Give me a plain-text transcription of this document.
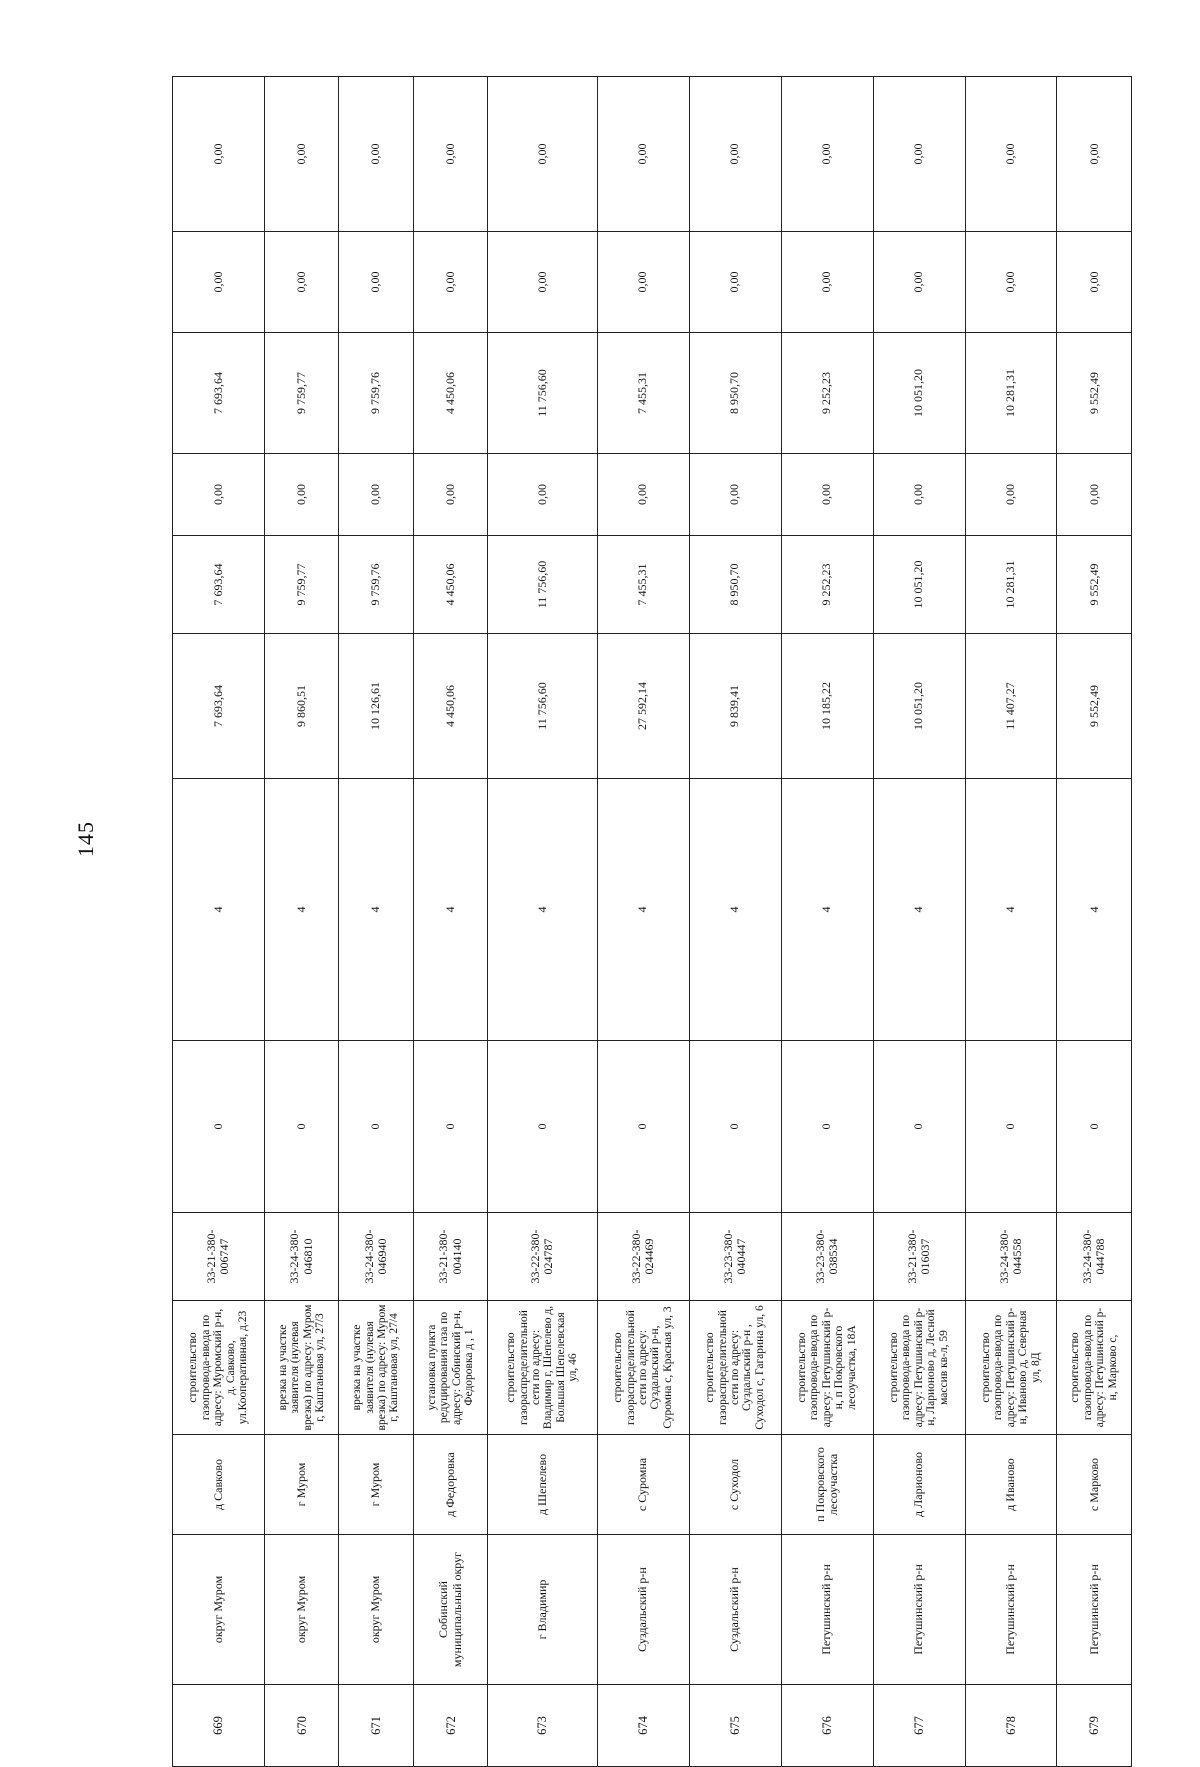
145
669	округ Муром	д Савково	строительство газопровода-ввода по адресу: Муромский р-н, д. Савково, ул.Кооперативная, д.23	33-21-380-006747	0	4	7 693,64	7 693,64	0,00	7 693,64	0,00	0,00
670	округ Муром	г Муром	врезка на участке заявителя (нулевая врезка) по адресу: Муром г, Каштановая ул, 27/3	33-24-380-046810	0	4	9 860,51	9 759,77	0,00	9 759,77	0,00	0,00
671	округ Муром	г Муром	врезка на участке заявителя (нулевая врезка) по адресу: Муром г, Каштановая ул, 27/4	33-24-380-046940	0	4	10 126,61	9 759,76	0,00	9 759,76	0,00	0,00
672	Собинский муниципальный округ	д Федоровка	установка пункта редуцирования газа по адресу: Собинский р-н, Федоровка д , 1	33-21-380-004140	0	4	4 450,06	4 450,06	0,00	4 450,06	0,00	0,00
673	г Владимир	д Шепелево	строительство газораспределительной сети по адресу: Владимир г, Шепелево д, Большая Шепелевская ул, 46	33-22-380-024787	0	4	11 756,60	11 756,60	0,00	11 756,60	0,00	0,00
674	Суздальский р-н	с Суромна	строительство газораспределительной сети по адресу: Суздальский р-н, Суромна с, Красная ул, 3	33-22-380-024469	0	4	27 592,14	7 455,31	0,00	7 455,31	0,00	0,00
675	Суздальский р-н	с Суходол	строительство газораспределительной сети по адресу: Суздальский р-н , Суходол с, Гагарина ул, 6	33-23-380-040447	0	4	9 839,41	8 950,70	0,00	8 950,70	0,00	0,00
676	Петушинский р-н	п Покровского лесоучастка	строительство газопровода-ввода по адресу: Петушинский р-н, п Покровского лесоучастка, 18А	33-23-380-038534	0	4	10 185,22	9 252,23	0,00	9 252,23	0,00	0,00
677	Петушинский р-н	д Ларионово	строительство газопровода-ввода по адресу: Петушинский р-н, Ларионово д, Лесной массив кв-л, 59	33-21-380-016037	0	4	10 051,20	10 051,20	0,00	10 051,20	0,00	0,00
678	Петушинский р-н	д Иваново	строительство газопровода-ввода по адресу: Петушинский р-н, Иваново д, Северная ул, 8Д	33-24-380-044558	0	4	11 407,27	10 281,31	0,00	10 281,31	0,00	0,00
679	Петушинский р-н	с Марково	строительство газопровода-ввода по адресу: Петушинский р-н, Марково с,	33-24-380-044788	0	4	9 552,49	9 552,49	0,00	9 552,49	0,00	0,00
